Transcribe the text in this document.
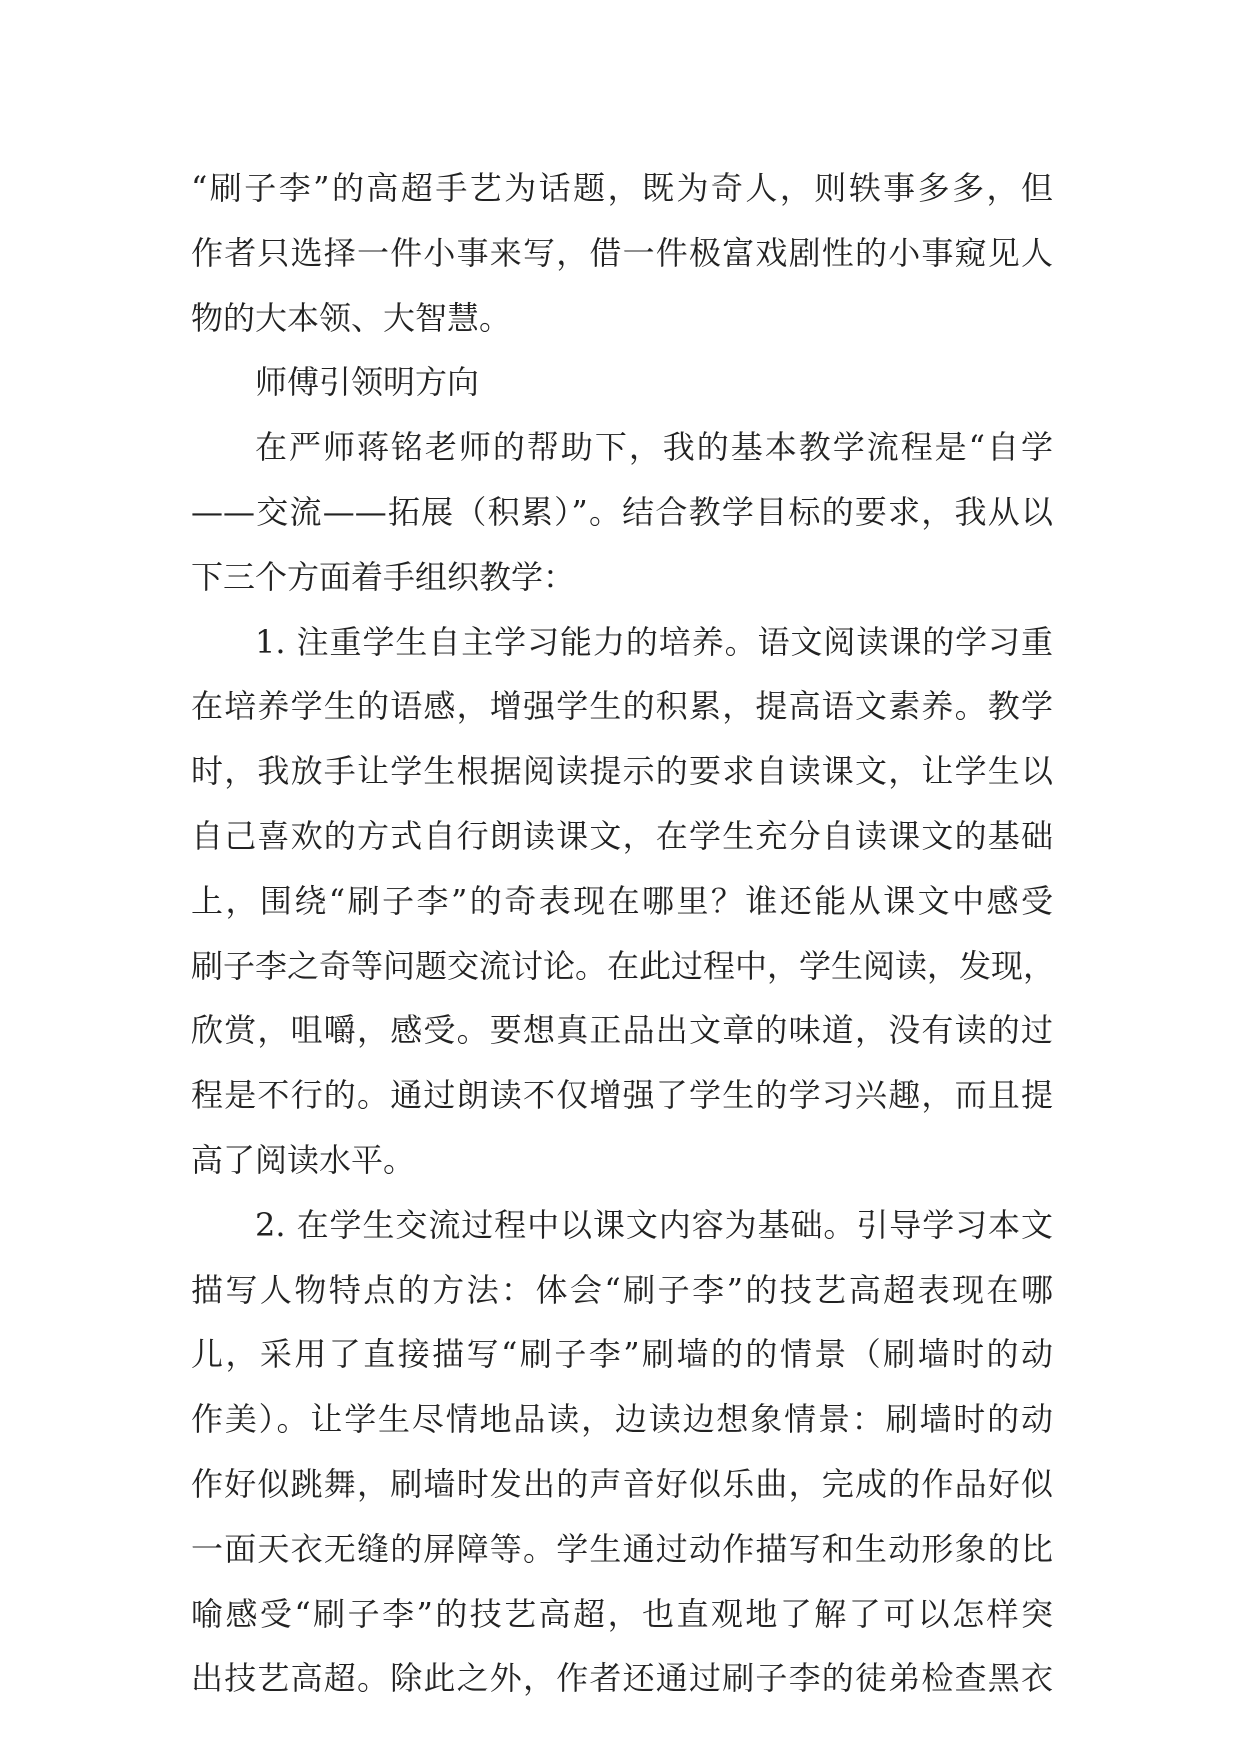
“刷子李”的高超手艺为话题，既为奇人，则轶事多多，但
作者只选择一件小事来写，借一件极富戏剧性的小事窥见人
物的大本领、大智慧。
师傅引领明方向
在严师蒋铭老师的帮助下，我的基本教学流程是“自学
——交流——拓展（积累）”。结合教学目标的要求，我从以
下三个方面着手组织教学：
1. 注重学生自主学习能力的培养。语文阅读课的学习重
在培养学生的语感，增强学生的积累，提高语文素养。教学
时，我放手让学生根据阅读提示的要求自读课文，让学生以
自己喜欢的方式自行朗读课文，在学生充分自读课文的基础
上，围绕“刷子李”的奇表现在哪里？谁还能从课文中感受
刷子李之奇等问题交流讨论。在此过程中，学生阅读，发现，
欣赏，咀嚼，感受。要想真正品出文章的味道，没有读的过
程是不行的。通过朗读不仅增强了学生的学习兴趣，而且提
高了阅读水平。
2. 在学生交流过程中以课文内容为基础。引导学习本文
描写人物特点的方法：体会“刷子李”的技艺高超表现在哪
儿，采用了直接描写“刷子李”刷墙的的情景（刷墙时的动
作美）。让学生尽情地品读，边读边想象情景：刷墙时的动
作好似跳舞，刷墙时发出的声音好似乐曲，完成的作品好似
一面天衣无缝的屏障等。学生通过动作描写和生动形象的比
喻感受“刷子李”的技艺高超，也直观地了解了可以怎样突
出技艺高超。除此之外，作者还通过刷子李的徒弟检查黑衣
